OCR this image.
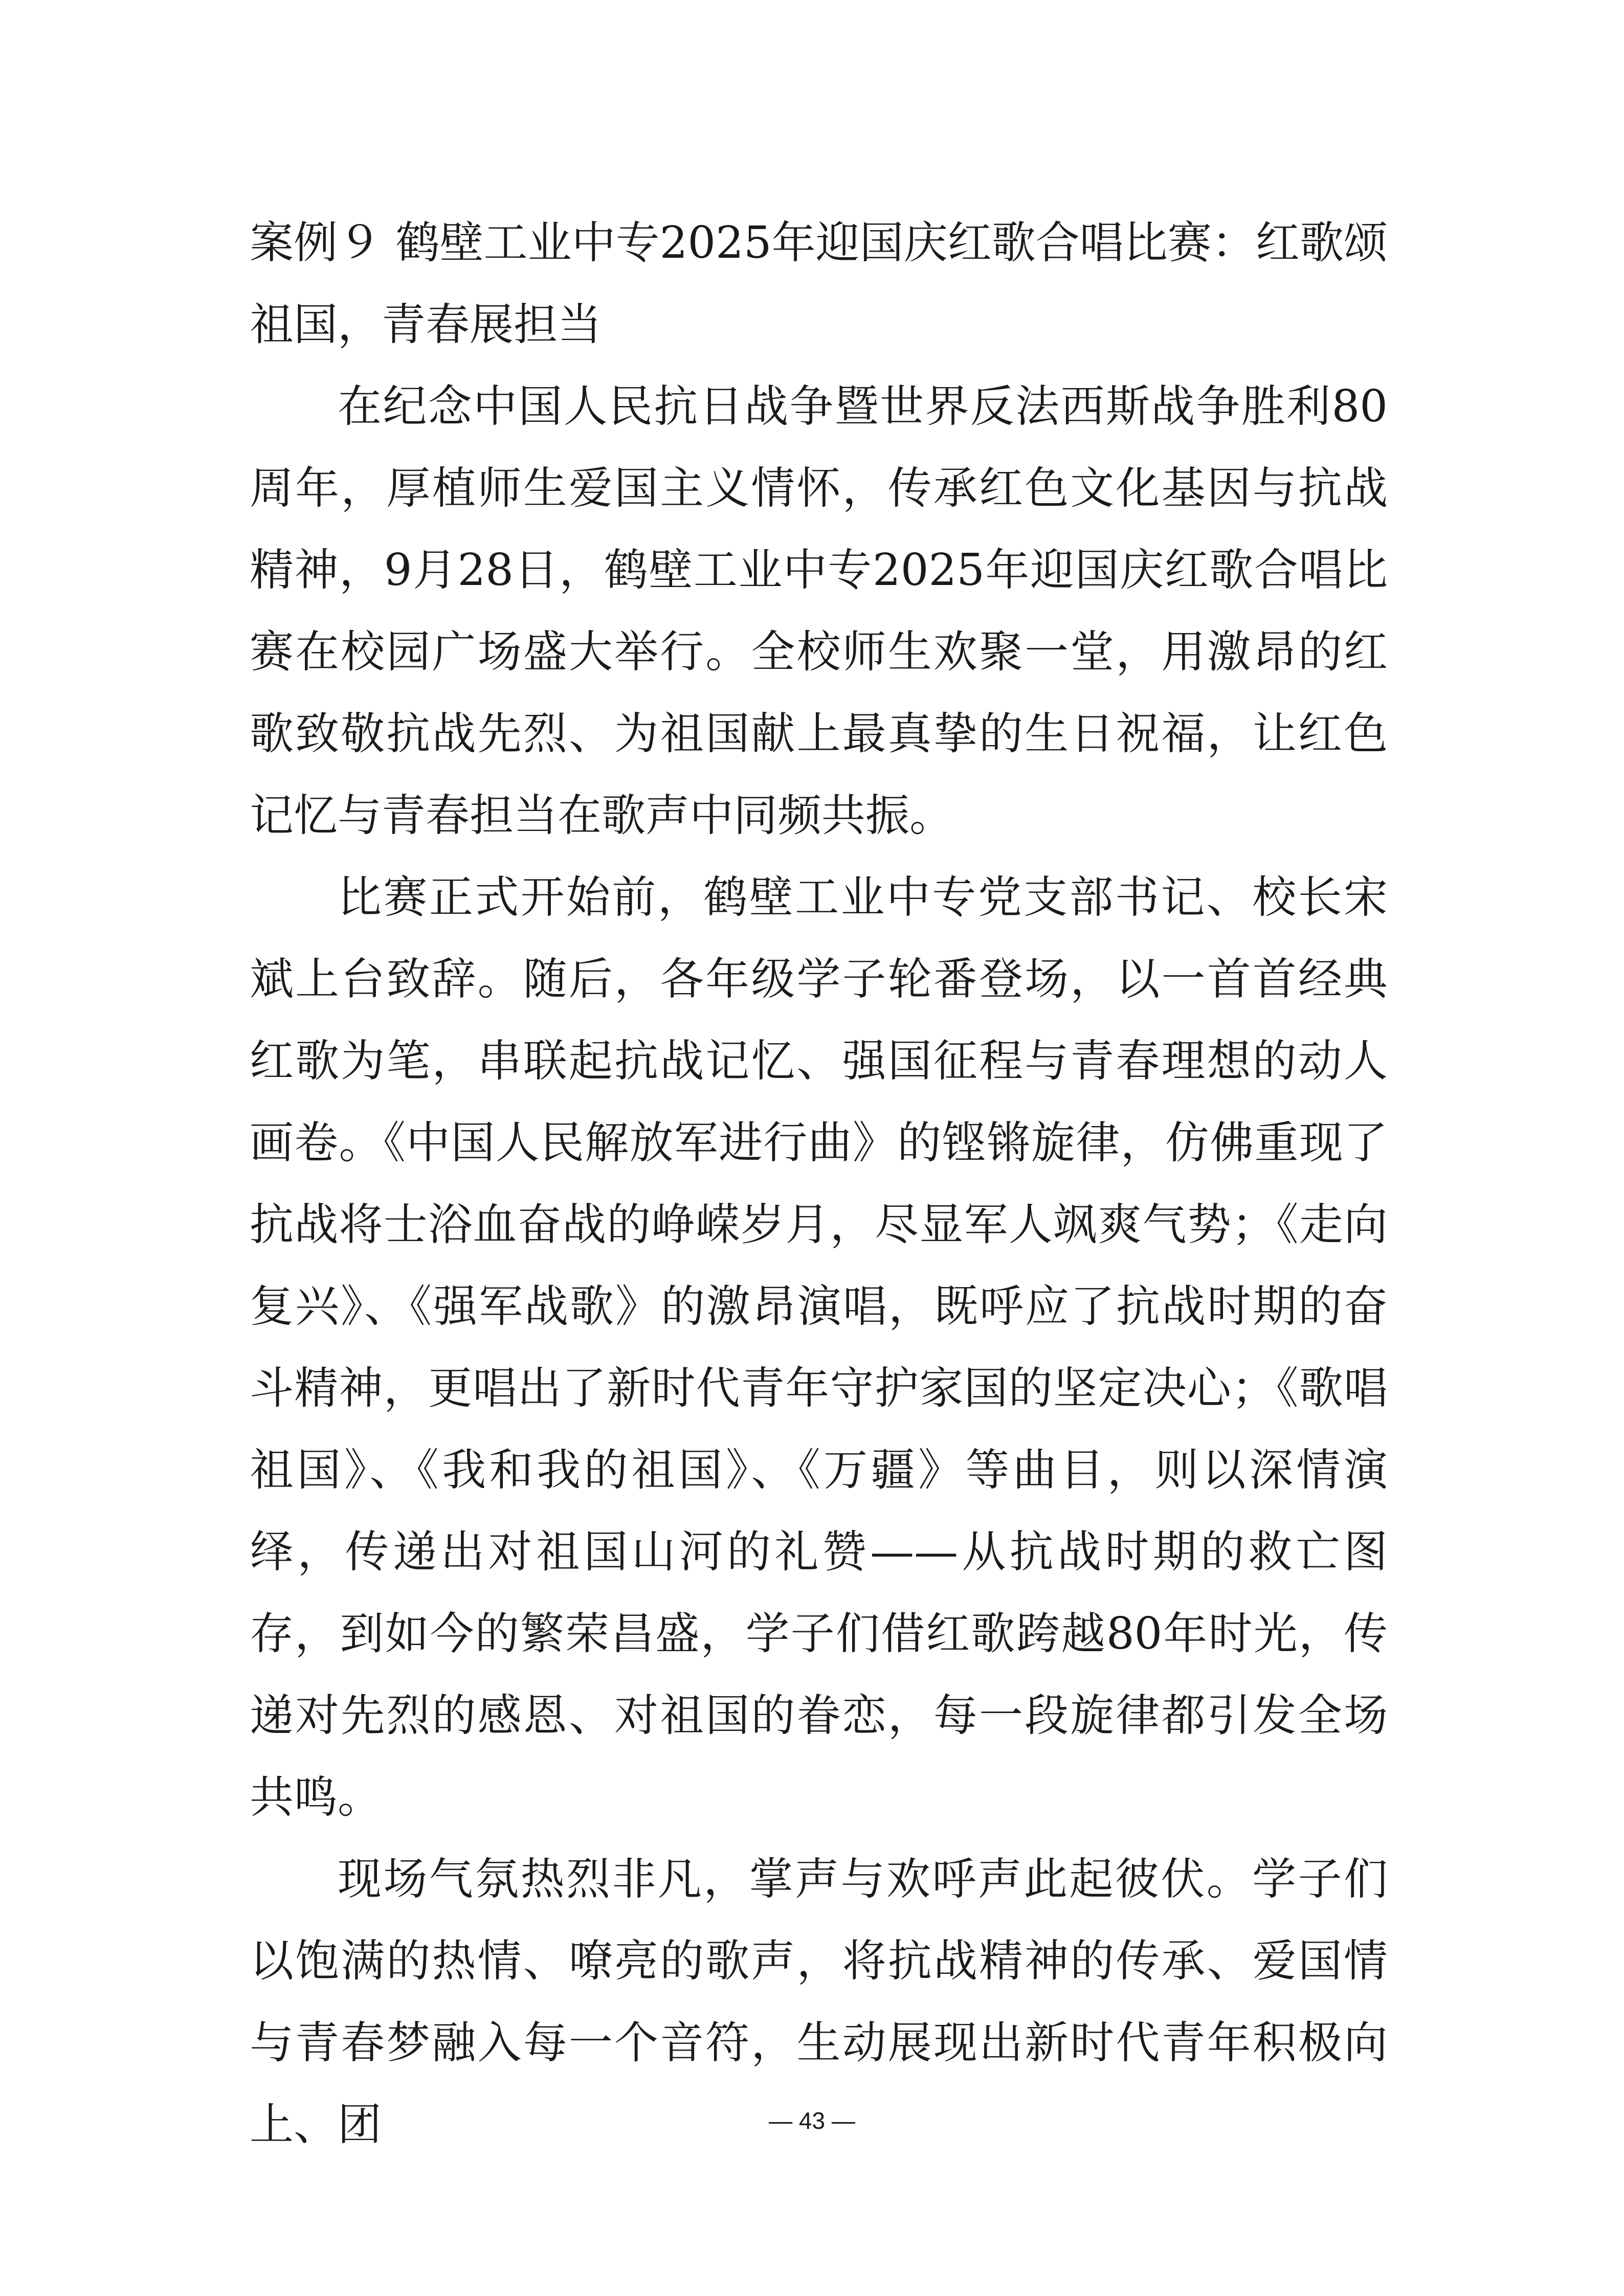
案例９ 鹤壁工业中专2025年迎国庆红歌合唱比赛：红歌颂祖国，青春展担当

在纪念中国人民抗日战争暨世界反法西斯战争胜利80周年，厚植师生爱国主义情怀，传承红色文化基因与抗战精神，9月28日，鹤壁工业中专2025年迎国庆红歌合唱比赛在校园广场盛大举行。全校师生欢聚一堂，用激昂的红歌致敬抗战先烈、为祖国献上最真挚的生日祝福，让红色记忆与青春担当在歌声中同频共振。

比赛正式开始前，鹤壁工业中专党支部书记、校长宋斌上台致辞。随后，各年级学子轮番登场，以一首首经典红歌为笔，串联起抗战记忆、强国征程与青春理想的动人画卷。《中国人民解放军进行曲》的铿锵旋律，仿佛重现了抗战将士浴血奋战的峥嵘岁月，尽显军人飒爽气势；《走向复兴》、《强军战歌》的激昂演唱，既呼应了抗战时期的奋斗精神，更唱出了新时代青年守护家国的坚定决心；《歌唱祖国》、《我和我的祖国》、《万疆》等曲目，则以深情演绎，传递出对祖国山河的礼赞——从抗战时期的救亡图存，到如今的繁荣昌盛，学子们借红歌跨越80年时光，传递对先烈的感恩、对祖国的眷恋，每一段旋律都引发全场共鸣。

现场气氛热烈非凡，掌声与欢呼声此起彼伏。学子们以饱满的热情、嘹亮的歌声，将抗战精神的传承、爱国情与青春梦融入每一个音符，生动展现出新时代青年积极向上、团	— 43 —
